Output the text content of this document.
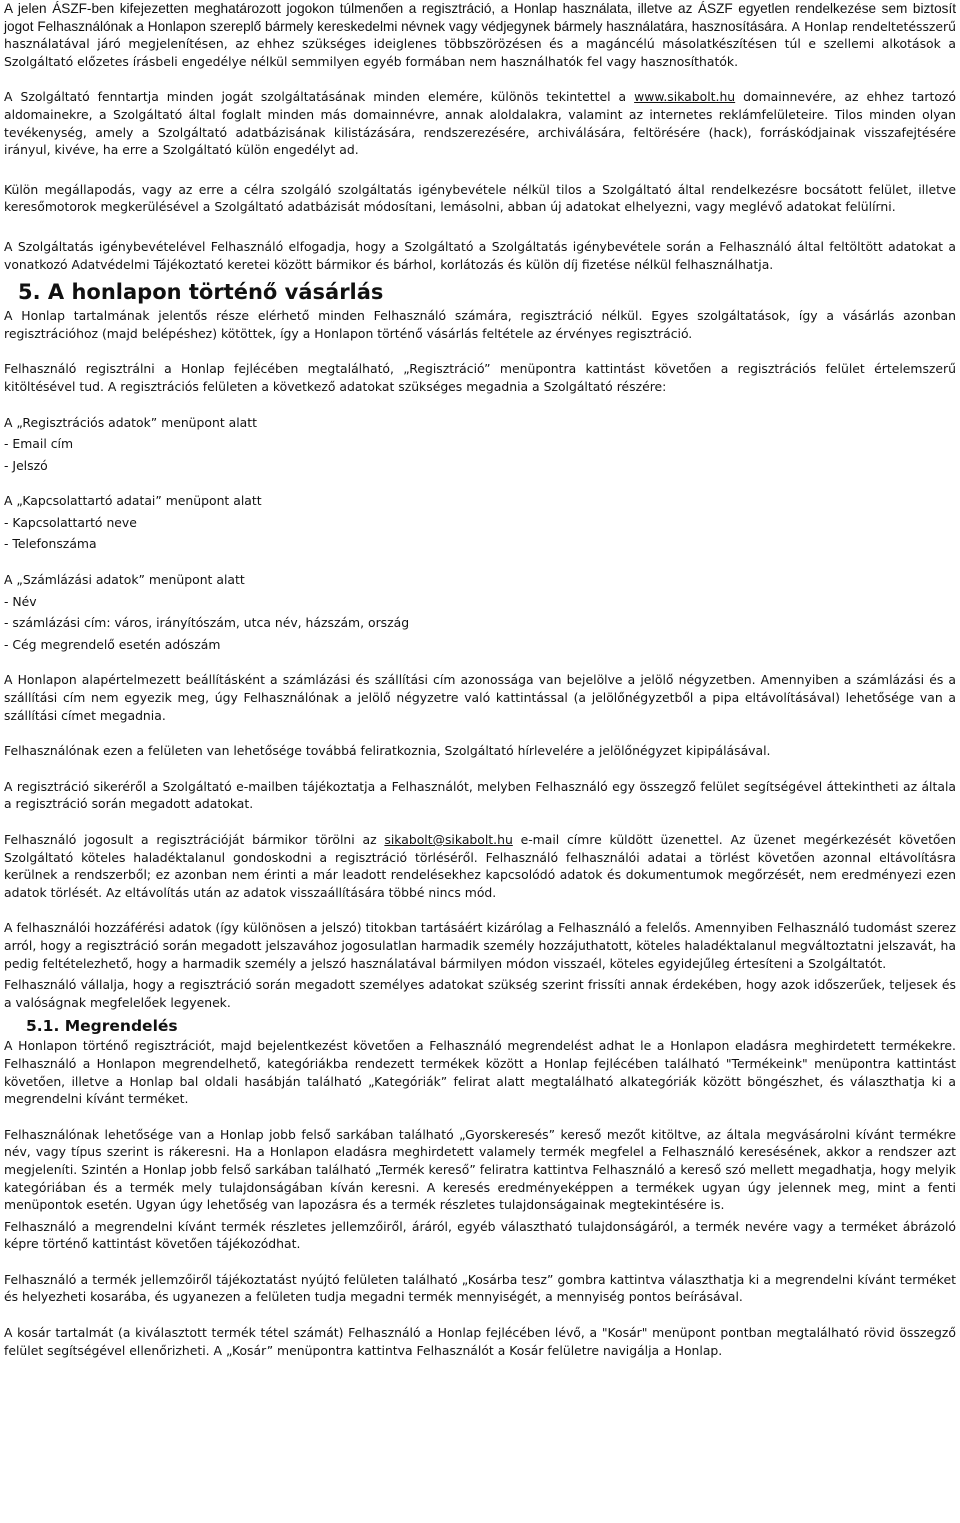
A jelen ÁSZF-ben kifejezetten meghatározott jogokon túlmenően a regisztráció, a Honlap használata, illetve az ÁSZF egyetlen rendelkezése sem biztosít jogot Felhasználónak a Honlapon szereplő bármely kereskedelmi névnek vagy védjegynek bármely használatára, hasznosítására. A Honlap rendeltetésszerű használatával járó megjelenítésen, az ehhez szükséges ideiglenes többszörözésen és a magáncélú másolatkészítésen túl e szellemi alkotások a Szolgáltató előzetes írásbeli engedélye nélkül semmilyen egyéb formában nem használhatók fel vagy hasznosíthatók.

A Szolgáltató fenntartja minden jogát szolgáltatásának minden elemére, különös tekintettel a www.sikabolt.hu domainnevére, az ehhez tartozó aldomainekre, a Szolgáltató által foglalt minden más domainnévre, annak aloldalakra, valamint az internetes reklámfelületeire. Tilos minden olyan tevékenység, amely a Szolgáltató adatbázisának kilistázására, rendszerezésére, archiválására, feltörésére (hack), forráskódjainak visszafejtésére irányul, kivéve, ha erre a Szolgáltató külön engedélyt ad.

Külön megállapodás, vagy az erre a célra szolgáló szolgáltatás igénybevétele nélkül tilos a Szolgáltató által rendelkezésre bocsátott felület, illetve keresőmotorok megkerülésével a Szolgáltató adatbázisát módosítani, lemásolni, abban új adatokat elhelyezni, vagy meglévő adatokat felülírni.

A Szolgáltatás igénybevételével Felhasználó elfogadja, hogy a Szolgáltató a Szolgáltatás igénybevétele során a Felhasználó által feltöltött adatokat a vonatkozó Adatvédelmi Tájékoztató keretei között bármikor és bárhol, korlátozás és külön díj fizetése nélkül felhasználhatja.

5. A honlapon történő vásárlás

A Honlap tartalmának jelentős része elérhető minden Felhasználó számára, regisztráció nélkül. Egyes szolgáltatások, így a vásárlás azonban regisztrációhoz (majd belépéshez) kötöttek, így a Honlapon történő vásárlás feltétele az érvényes regisztráció.

Felhasználó regisztrálni a Honlap fejlécében megtalálható, „Regisztráció” menüpontra kattintást követően a regisztrációs felület értelemszerű kitöltésével tud. A regisztrációs felületen a következő adatokat szükséges megadnia a Szolgáltató részére:

A „Regisztrációs adatok” menüpont alatt

- Email cím

- Jelszó

A „Kapcsolattartó adatai” menüpont alatt

- Kapcsolattartó neve

- Telefonszáma

A „Számlázási adatok” menüpont alatt

- Név

- számlázási cím: város, irányítószám, utca név, házszám, ország

- Cég megrendelő esetén adószám

A Honlapon alapértelmezett beállításként a számlázási és szállítási cím azonossága van bejelölve a jelölő négyzetben. Amennyiben a számlázási és a szállítási cím nem egyezik meg, úgy Felhasználónak a jelölő négyzetre való kattintással (a jelölőnégyzetből a pipa eltávolításával) lehetősége van a szállítási címet megadnia.

Felhasználónak ezen a felületen van lehetősége továbbá feliratkoznia, Szolgáltató hírlevelére a jelölőnégyzet kipipálásával.

A regisztráció sikeréről a Szolgáltató e-mailben tájékoztatja a Felhasználót, melyben Felhasználó egy összegző felület segítségével áttekintheti az általa a regisztráció során megadott adatokat.

Felhasználó jogosult a regisztrációját bármikor törölni az sikabolt@sikabolt.hu e-mail címre küldött üzenettel. Az üzenet megérkezését követően Szolgáltató köteles haladéktalanul gondoskodni a regisztráció törléséről. Felhasználó felhasználói adatai a törlést követően azonnal eltávolításra kerülnek a rendszerből; ez azonban nem érinti a már leadott rendelésekhez kapcsolódó adatok és dokumentumok megőrzését, nem eredményezi ezen adatok törlését. Az eltávolítás után az adatok visszaállítására többé nincs mód.

A felhasználói hozzáférési adatok (így különösen a jelszó) titokban tartásáért kizárólag a Felhasználó a felelős. Amennyiben Felhasználó tudomást szerez arról, hogy a regisztráció során megadott jelszavához jogosulatlan harmadik személy hozzájuthatott, köteles haladéktalanul megváltoztatni jelszavát, ha pedig feltételezhető, hogy a harmadik személy a jelszó használatával bármilyen módon visszaél, köteles egyidejűleg értesíteni a Szolgáltatót.

Felhasználó vállalja, hogy a regisztráció során megadott személyes adatokat szükség szerint frissíti annak érdekében, hogy azok időszerűek, teljesek és a valóságnak megfelelőek legyenek.

5.1. Megrendelés

A Honlapon történő regisztrációt, majd bejelentkezést követően a Felhasználó megrendelést adhat le a Honlapon eladásra meghirdetett termékekre. Felhasználó a Honlapon megrendelhető, kategóriákba rendezett termékek között a Honlap fejlécében található "Termékeink" menüpontra kattintást követően, illetve a Honlap bal oldali hasábján található „Kategóriák” felirat alatt megtalálható alkategóriák között böngészhet, és választhatja ki a megrendelni kívánt terméket.

Felhasználónak lehetősége van a Honlap jobb felső sarkában található „Gyorskeresés” kereső mezőt kitöltve, az általa megvásárolni kívánt termékre név, vagy típus szerint is rákeresni. Ha a Honlapon eladásra meghirdetett valamely termék megfelel a Felhasználó keresésének, akkor a rendszer azt megjeleníti. Szintén a Honlap jobb felső sarkában található „Termék kereső” feliratra kattintva Felhasználó a kereső szó mellett megadhatja, hogy melyik kategóriában és a termék mely tulajdonságában kíván keresni. A keresés eredményeképpen a termékek ugyan úgy jelennek meg, mint a fenti menüpontok esetén. Ugyan úgy lehetőség van lapozásra és a termék részletes tulajdonságainak megtekintésére is.

Felhasználó a megrendelni kívánt termék részletes jellemzőiről, áráról, egyéb választható tulajdonságáról, a termék nevére vagy a terméket ábrázoló képre történő kattintást követően tájékozódhat.

Felhasználó a termék jellemzőiről tájékoztatást nyújtó felületen található „Kosárba tesz” gombra kattintva választhatja ki a megrendelni kívánt terméket és helyezheti kosarába, és ugyanezen a felületen tudja megadni termék mennyiségét, a mennyiség pontos beírásával.

A kosár tartalmát (a kiválasztott termék tétel számát) Felhasználó a Honlap fejlécében lévő, a "Kosár" menüpont pontban megtalálható rövid összegző felület segítségével ellenőrizheti. A „Kosár” menüpontra kattintva Felhasználót a Kosár felületre navigálja a Honlap.
